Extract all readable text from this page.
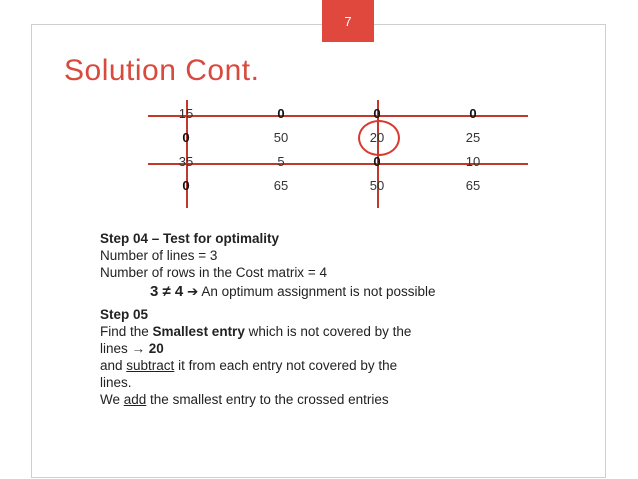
7
Solution Cont.
15	0	0	0
0	50	20	25
35	5	0	10
0	65	50	65

Step 04 – Test for optimality

Number of lines = 3

Number of rows in the Cost matrix = 4

3 ≠ 4 ➔ An optimum assignment is not possible

Step 05

Find the Smallest entry which is not covered by the

lines → 20

and subtract it from each entry not covered by the

lines.

We add the smallest entry to the crossed entries
